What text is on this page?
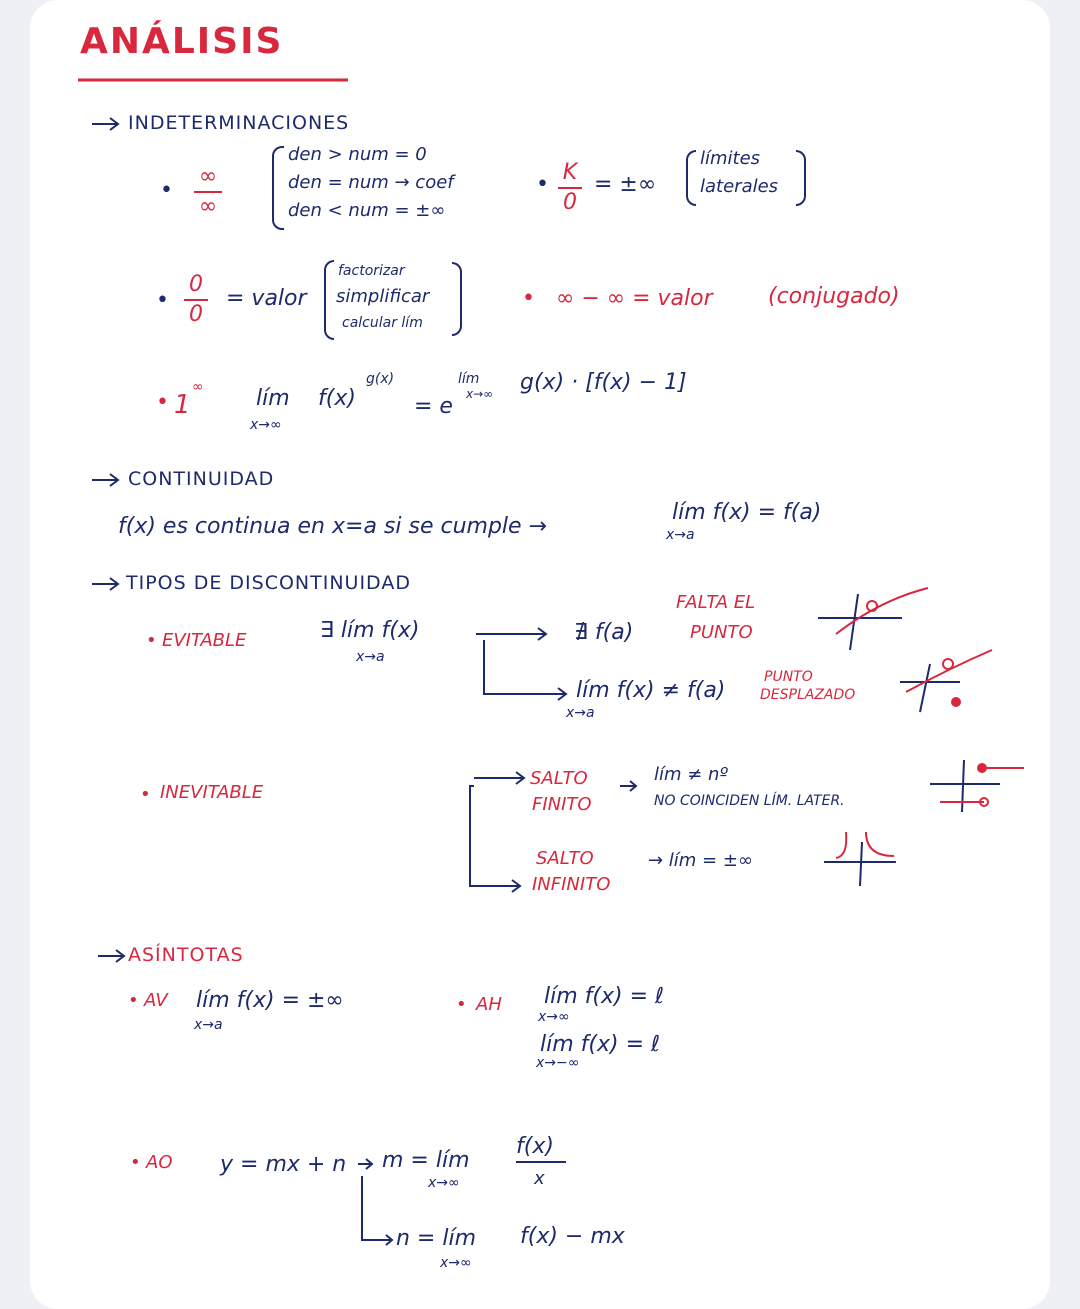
ANÁLISIS
INDETERMINACIONES
•
∞
∞
den > num = 0
den = num → coef
den < num = ±∞
• K
0
= ±∞
límites
laterales
•
0
0
= valor
factorizar
simplificar
calcular lím
• ∞ − ∞ = valor	(conjugado)
• 1
∞ lím
x→∞
f(x)
g(x)
= e
lím
x→∞ g(x) · [f(x) − 1]
CONTINUIDAD
f(x) es continua en x=a si se cumple →
lím f(x) = f(a)
x→a
TIPOS DE DISCONTINUIDAD
• EVITABLE	∃ lím f(x)
x→a
∄ f(a)
FALTA EL
PUNTO
lím f(x) ≠ f(a)
x→a
PUNTO
DESPLAZADO
• INEVITABLE
SALTO
FINITO
lím ≠ nº
NO COINCIDEN LÍM. LATER.
SALTO
INFINITO
→ lím = ±∞
ASÍNTOTAS
• AV lím f(x) = ±∞
x→a
• AH lím f(x) = ℓ
x→∞
lím f(x) = ℓ
x→−∞
• AO y = mx + n m = lím
x→∞
f(x)
x
n = lím
x→∞
f(x) − mx
